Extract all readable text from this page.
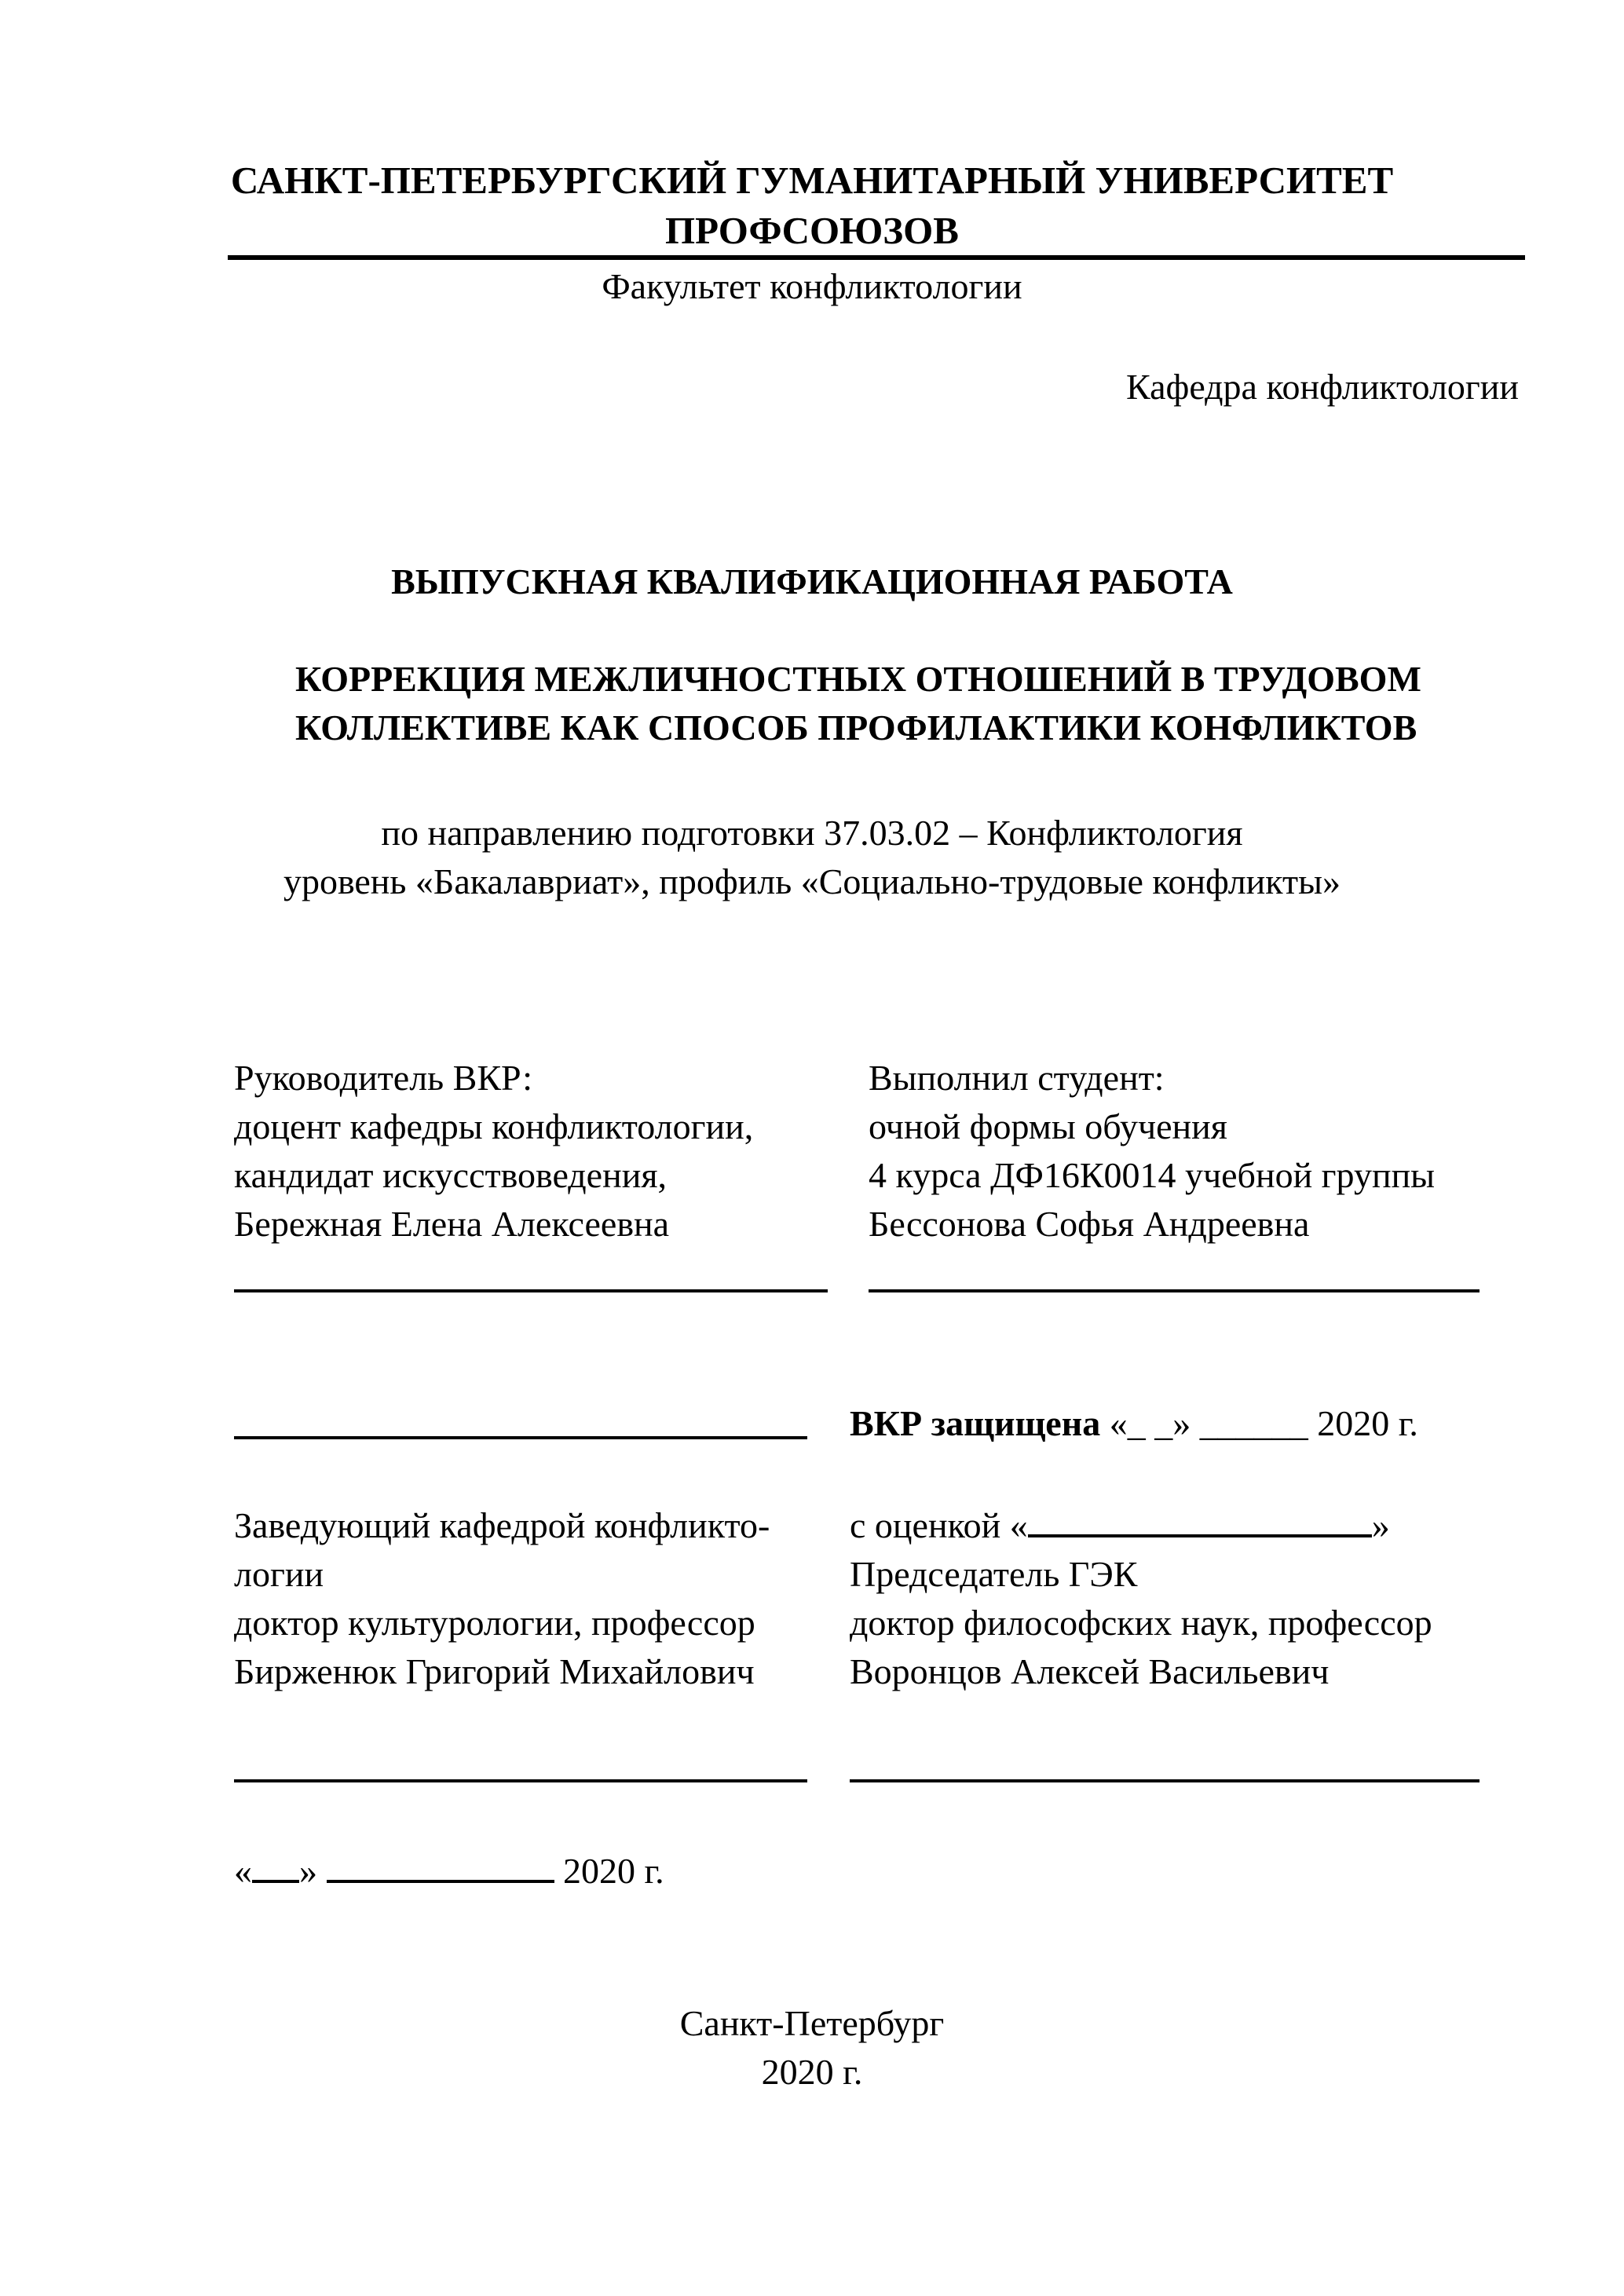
САНКТ-ПЕТЕРБУРГСКИЙ ГУМАНИТАРНЫЙ УНИВЕРСИТЕТ
ПРОФСОЮЗОВ
Факультет конфликтологии
Кафедра конфликтологии
ВЫПУСКНАЯ КВАЛИФИКАЦИОННАЯ РАБОТА
КОРРЕКЦИЯ МЕЖЛИЧНОСТНЫХ ОТНОШЕНИЙ В ТРУДОВОМ
КОЛЛЕКТИВЕ КАК СПОСОБ ПРОФИЛАКТИКИ КОНФЛИКТОВ
по направлению подготовки 37.03.02 – Конфликтология
уровень «Бакалавриат», профиль «Социально-трудовые конфликты»
Руководитель ВКР:
доцент кафедры конфликтологии,
кандидат искусствоведения,
Бережная Елена Алексеевна
Выполнил студент:
очной формы обучения
4 курса ДФ16К0014 учебной группы
Бессонова Софья Андреевна
ВКР защищена «_ _» ______ 2020 г.
Заведующий кафедрой конфликто-
логии
доктор культурологии, профессор
Бирженюк Григорий Михайлович
с оценкой «	»
Председатель ГЭК
доктор философских наук, профессор
Воронцов Алексей Васильевич
« »	2020 г.
Санкт-Петербург
2020 г.
